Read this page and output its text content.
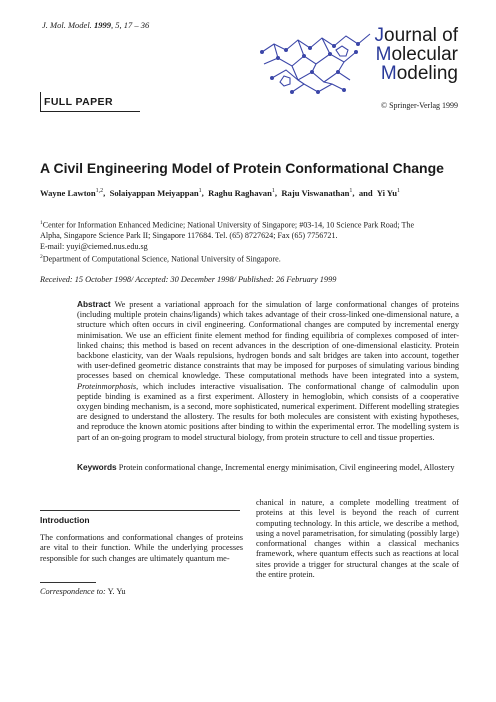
J. Mol. Model. 1999, 5, 17 – 36	Journal of
Molecular
Modeling
© Springer-Verlag 1999
FULL PAPER
A Civil Engineering Model of Protein Conformational Change
Wayne Lawton$^{1,2}$,  Solaiyappan Meiyappan$^1$,  Raghu Raghavan$^1$,  Raju Viswanathan$^1$,  and  Yi Yu$^1$
$^1$Center for Information Enhanced Medicine; National University of Singapore; #03-14, 10 Science Park Road; The
Alpha, Singapore Science Park II; Singapore 117684. Tel. (65) 8727624; Fax (65) 7756721.
E-mail: yuyi@ciemed.nus.edu.sg
$^2$Department of Computational Science, National University of Singapore.
Received: 15 October 1998/ Accepted: 30 December 1998/ Published: 26 February 1999
Abstract We present a variational approach for the simulation of large conformational changes of proteins (including multiple protein chains/ligands) which takes advantage of their cross-linked one-dimensional nature, a structure which often occurs in civil engineering. Conformational changes are computed by incremental energy minimisation. We use an efficient finite element method for finding equilibria of complexes composed of inter-linked chains; this method is based on recent advances in the description of one-dimensional elasticity. Protein backbone elasticity, van der Waals repulsions, hydrogen bonds and salt bridges are taken into account, together with user-defined geometric distance constraints that may be imposed for purposes of simulating various binding processes based on chemical knowledge. These computational methods have been integrated into a system, Proteinmorphosis, which includes interactive visualisation. The conformational change of calmodulin upon peptide binding is examined as a first experiment. Allostery in hemoglobin, which consists of a cooperative oxygen binding mechanism, is a second, more sophisticated, numerical experiment. Different modelling strategies are designed to understand the allostery. The results for both molecules are consistent with existing hypotheses, and reproduce the known atomic positions after binding to within the experimental error. The modelling system is part of an on-going program to model structural biology, from protein structure to cell and tissue properties.
Keywords Protein conformational change, Incremental energy minimisation, Civil engineering model, Allostery
Introduction
The conformations and conformational changes of proteins are vital to their function. While the underlying processes responsible for such changes are ultimately quantum me-
chanical in nature, a complete modelling treatment of proteins at this level is beyond the reach of current computing technology. In this article, we describe a method, using a novel parametrisation, for simulating (possibly large) conformational changes within a classical mechanics framework, where quantum effects such as reactions at local sites provide a trigger for structural changes at the scale of the entire protein.
Correspondence to: Y. Yu
